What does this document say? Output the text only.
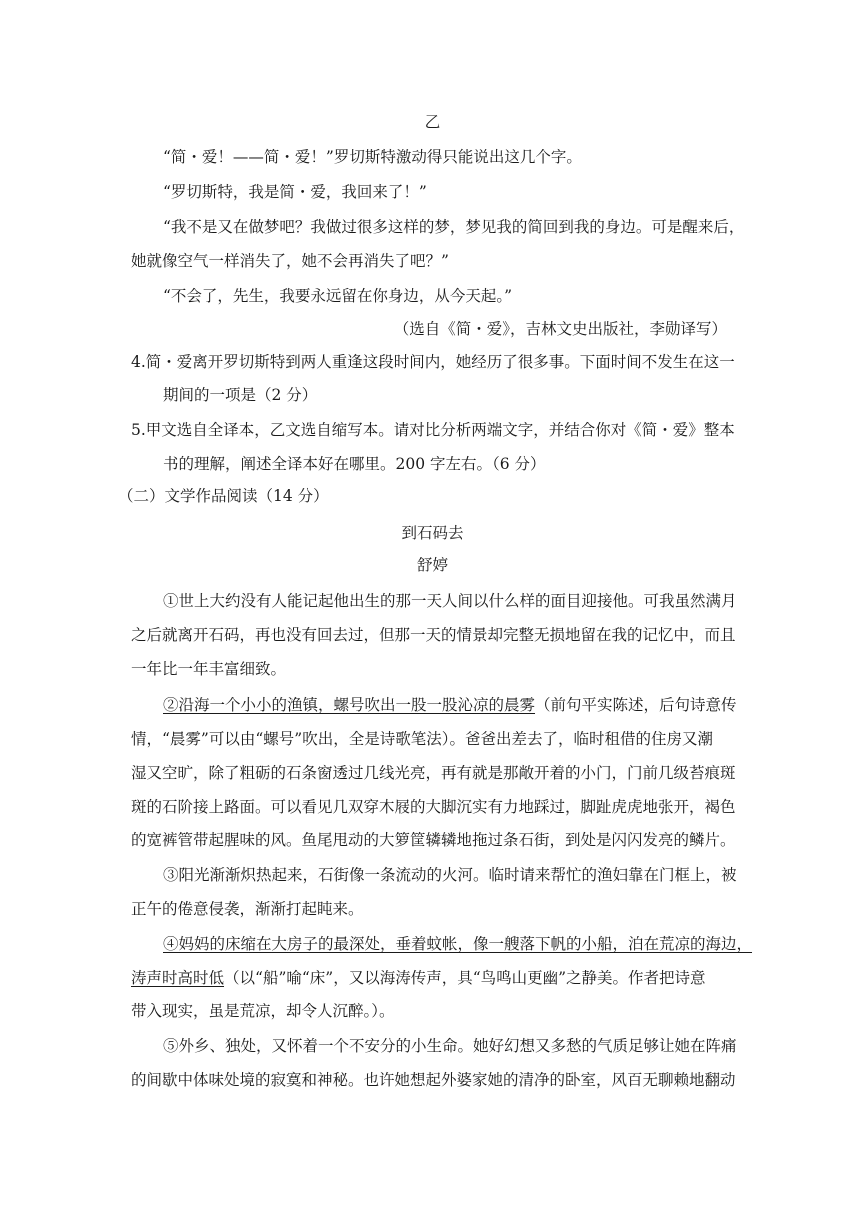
乙
“简・爱！——简・爱！”罗切斯特激动得只能说出这几个字。
“罗切斯特，我是简・爱，我回来了！”
“我不是又在做梦吧？我做过很多这样的梦，梦见我的简回到我的身边。可是醒来后，
她就像空气一样消失了，她不会再消失了吧？”
“不会了，先生，我要永远留在你身边，从今天起。”
（选自《简・爱》，吉林文史出版社，李勋译写）
4.简・爱离开罗切斯特到两人重逢这段时间内，她经历了很多事。下面时间不发生在这一
期间的一项是（2 分）
5.甲文选自全译本，乙文选自缩写本。请对比分析两端文字，并结合你对《简・爱》整本
书的理解，阐述全译本好在哪里。200 字左右。（6 分）
（二）文学作品阅读（14 分）
到石码去
舒婷
①世上大约没有人能记起他出生的那一天人间以什么样的面目迎接他。可我虽然满月
之后就离开石码，再也没有回去过，但那一天的情景却完整无损地留在我的记忆中，而且
一年比一年丰富细致。
②沿海一个小小的渔镇，螺号吹出一股一股沁凉的晨雾（前句平实陈述，后句诗意传
情，“晨雾”可以由“螺号”吹出，全是诗歌笔法）。爸爸出差去了，临时租借的住房又潮
湿又空旷，除了粗砺的石条窗透过几线光亮，再有就是那敞开着的小门，门前几级苔痕斑
斑的石阶接上路面。可以看见几双穿木屐的大脚沉实有力地踩过，脚趾虎虎地张开，褐色
的宽裤管带起腥味的风。鱼尾甩动的大箩筐辚辚地拖过条石街，到处是闪闪发亮的鳞片。
③阳光渐渐炽热起来，石街像一条流动的火河。临时请来帮忙的渔妇靠在门框上，被
正午的倦意侵袭，渐渐打起盹来。
④妈妈的床缩在大房子的最深处，垂着蚊帐，像一艘落下帆的小船，泊在荒凉的海边，
涛声时高时低（以“船”喻“床”，又以海涛传声，具“鸟鸣山更幽”之静美。作者把诗意
带入现实，虽是荒凉，却令人沉醉。）。
⑤外乡、独处，又怀着一个不安分的小生命。她好幻想又多愁的气质足够让她在阵痛
的间歇中体味处境的寂寞和神秘。也许她想起外婆家她的清净的卧室，风百无聊赖地翻动
